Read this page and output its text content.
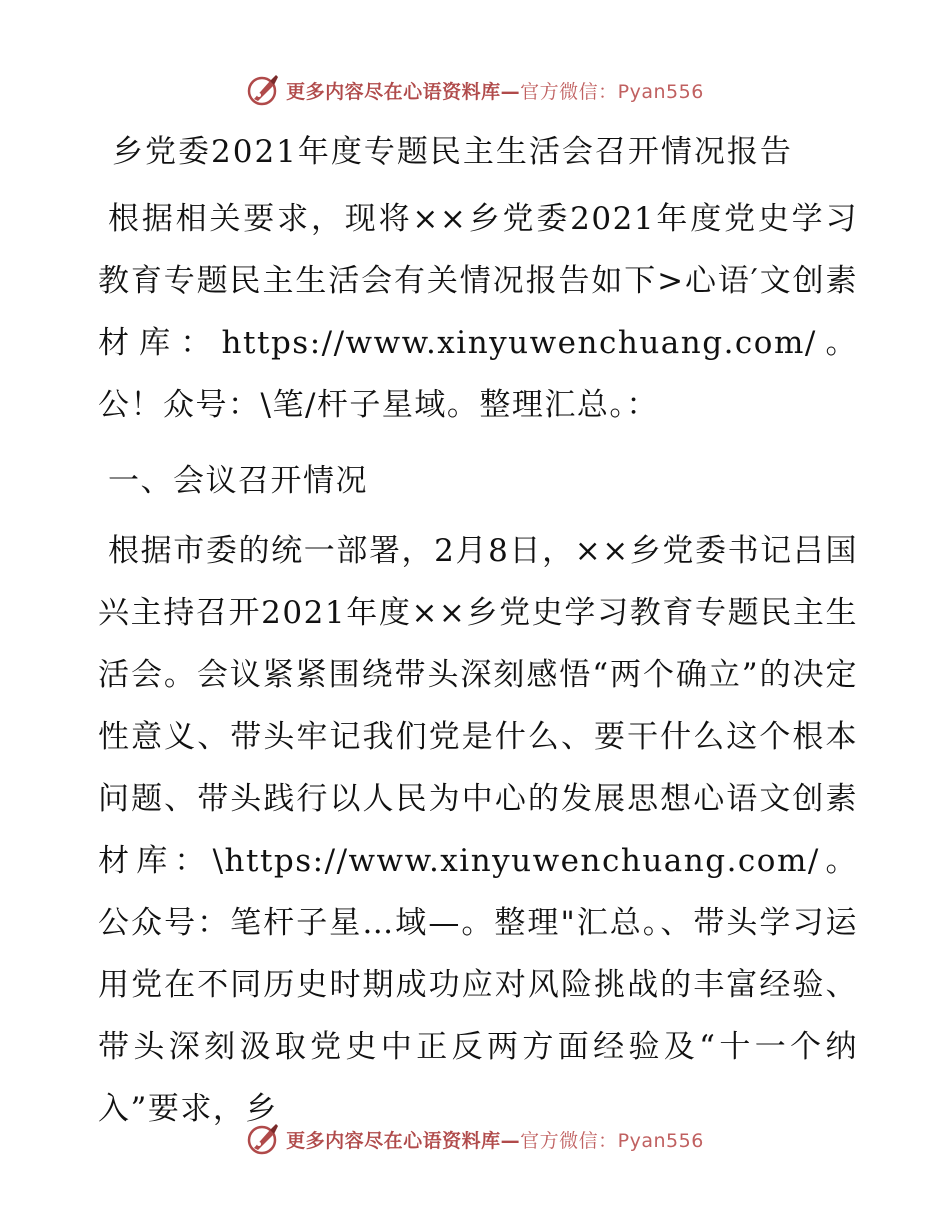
更多内容尽在心语资料库—官方微信：Pyan556
乡党委2021年度专题民主生活会召开情况报告

根据相关要求，现将××乡党委2021年度党史学习教育专题民主生活会有关情况报告如下>心语′文创素材库：https://www.xinyuwenchuang.com/。公！众号：\笔/杆子星域。整理汇总。：

一、会议召开情况

根据市委的统一部署，2月8日，××乡党委书记吕国兴主持召开2021年度××乡党史学习教育专题民主生活会。会议紧紧围绕带头深刻感悟“两个确立”的决定性意义、带头牢记我们党是什么、要干什么这个根本问题、带头践行以人民为中心的发展思想心语文创素材库：\https://www.xinyuwenchuang.com/。公众号：笔杆子星…域—。整理"汇总。、带头学习运用党在不同历史时期成功应对风险挑战的丰富经验、带头深刻汲取党史中正反两方面经验及“十一个纳入”要求，乡

更多内容尽在心语资料库—官方微信：Pyan556
